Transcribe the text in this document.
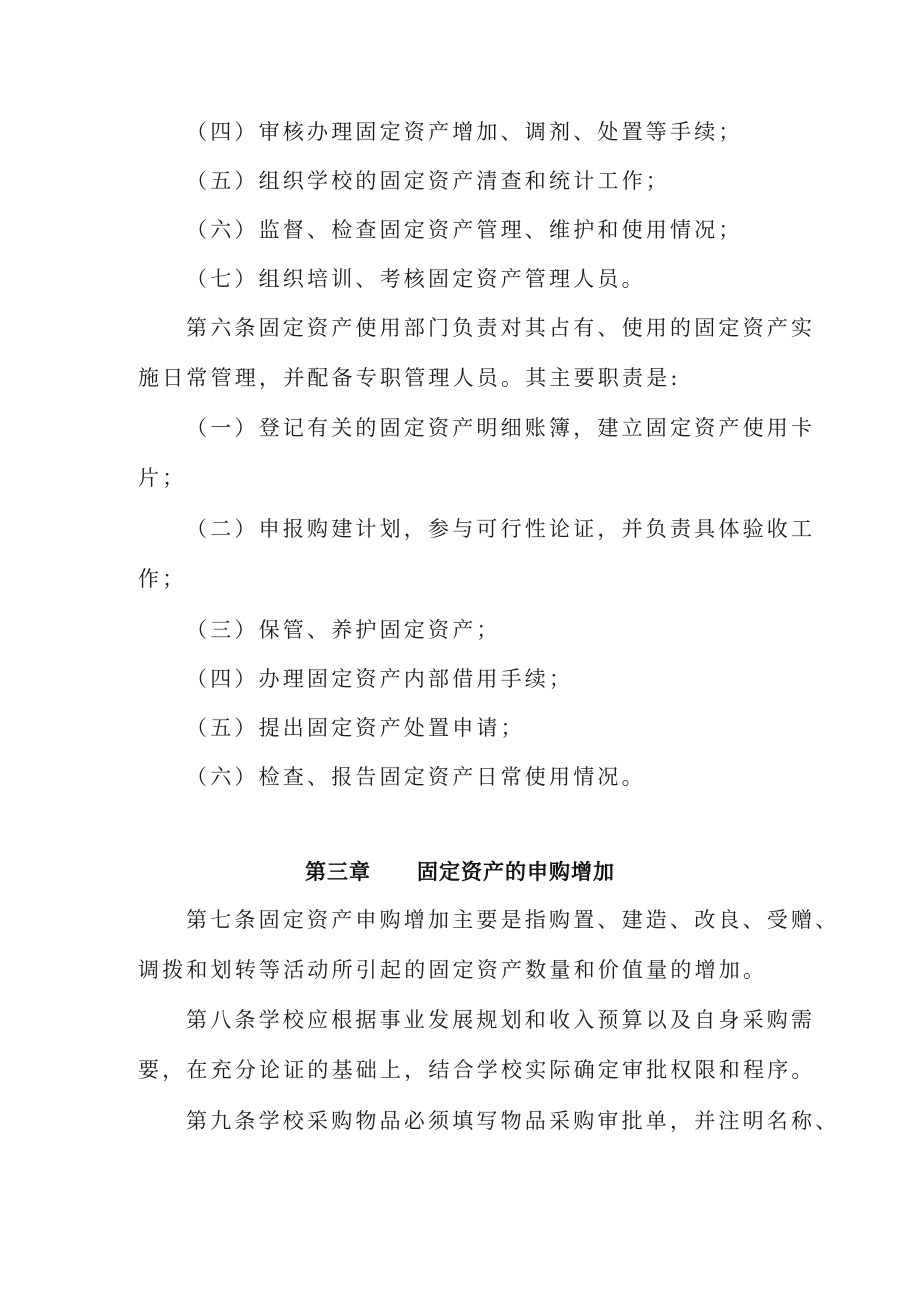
（四）审核办理固定资产增加、调剂、处置等手续；
（五）组织学校的固定资产清查和统计工作；
（六）监督、检查固定资产管理、维护和使用情况；
（七）组织培训、考核固定资产管理人员。
第六条固定资产使用部门负责对其占有、使用的固定资产实
施日常管理，并配备专职管理人员。其主要职责是:
（一）登记有关的固定资产明细账簿，建立固定资产使用卡
片；
（二）申报购建计划，参与可行性论证，并负责具体验收工
作；
（三）保管、养护固定资产；
（四）办理固定资产内部借用手续；
（五）提出固定资产处置申请；
（六）检查、报告固定资产日常使用情况。
第三章 固定资产的申购增加
第七条固定资产申购增加主要是指购置、建造、改良、受赠、
调拨和划转等活动所引起的固定资产数量和价值量的增加。
第八条学校应根据事业发展规划和收入预算以及自身采购需
要，在充分论证的基础上，结合学校实际确定审批权限和程序。
第九条学校采购物品必须填写物品采购审批单，并注明名称、
